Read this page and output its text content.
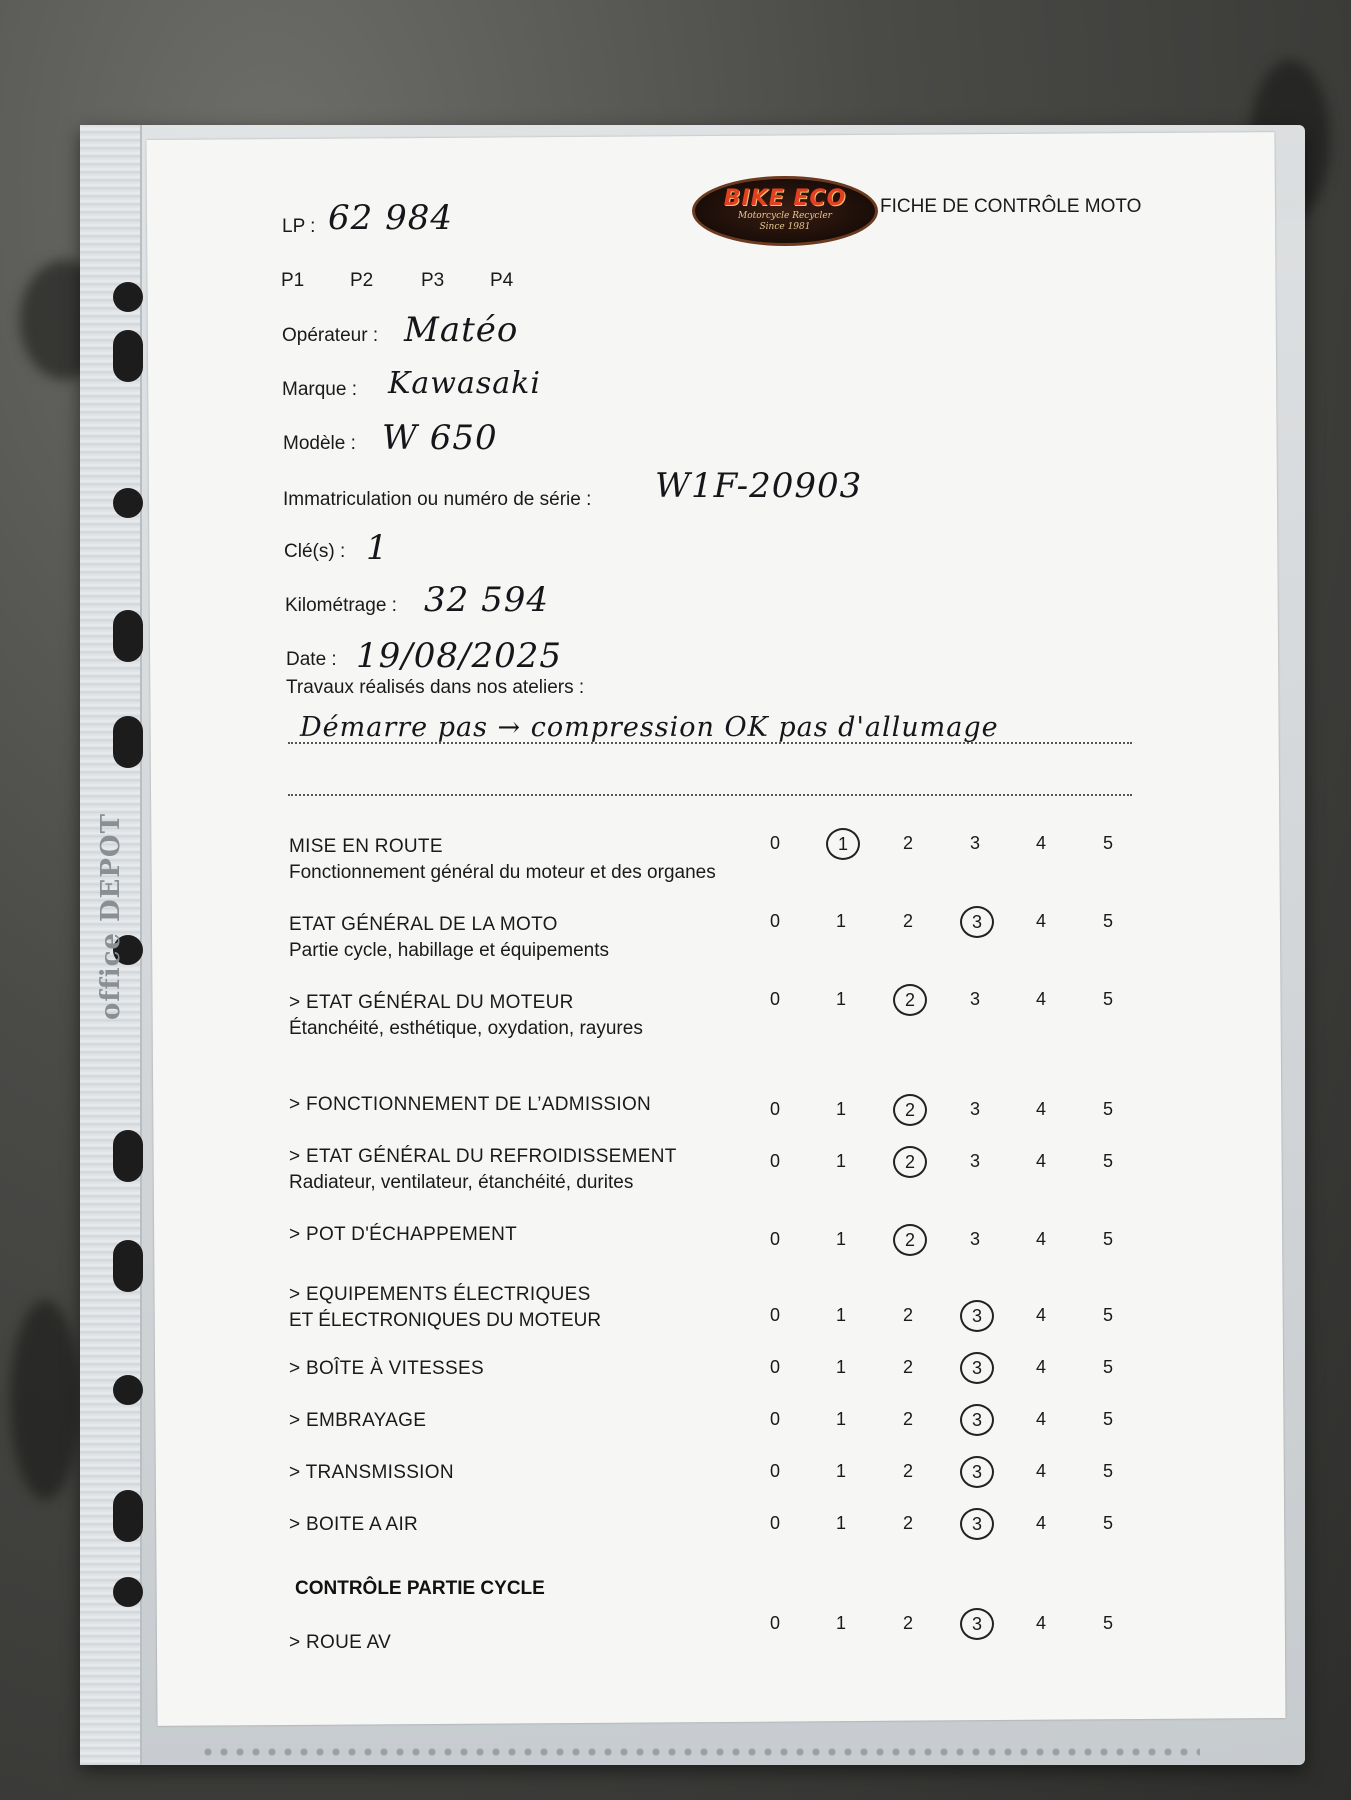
office DEPOT
BIKE ECO
Motorcycle Recycler
Since 1981
FICHE DE CONTRÔLE MOTO
LP : 62 984
P1 P2	P3 P4
Opérateur : Matéo
Marque : Kawasaki
Modèle : W 650
Immatriculation ou numéro de série : W1F-20903
Clé(s) : 1
Kilométrage : 32 594
Date : 19/08/2025
Travaux réalisés dans nos ateliers :
Démarre pas → compression OK pas d'allumage
MISE EN ROUTE
Fonctionnement général du moteur et des organes
0	1	2	3	4	5
ETAT GÉNÉRAL DE LA MOTO
Partie cycle, habillage et équipements
0	1	2	3	4	5
> ETAT GÉNÉRAL DU MOTEUR
Étanchéité, esthétique, oxydation, rayures
0	1	2	3	4	5
> FONCTIONNEMENT DE L’ADMISSION	0	1	2	3	4	5
> ETAT GÉNÉRAL DU REFROIDISSEMENT
Radiateur, ventilateur, étanchéité, durites
0	1	2	3	4	5
> POT D'ÉCHAPPEMENT	0	1	2	3	4	5
> EQUIPEMENTS ÉLECTRIQUES
ET ÉLECTRONIQUES DU MOTEUR	0	1	2	3	4	5
> BOÎTE À VITESSES	0	1	2	3	4	5
> EMBRAYAGE	0	1	2	3	4	5
> TRANSMISSION	0	1	2	3	4	5
> BOITE A AIR	0	1	2	3	4	5
CONTRÔLE PARTIE CYCLE
> ROUE AV
0	1	2	3	4	5
